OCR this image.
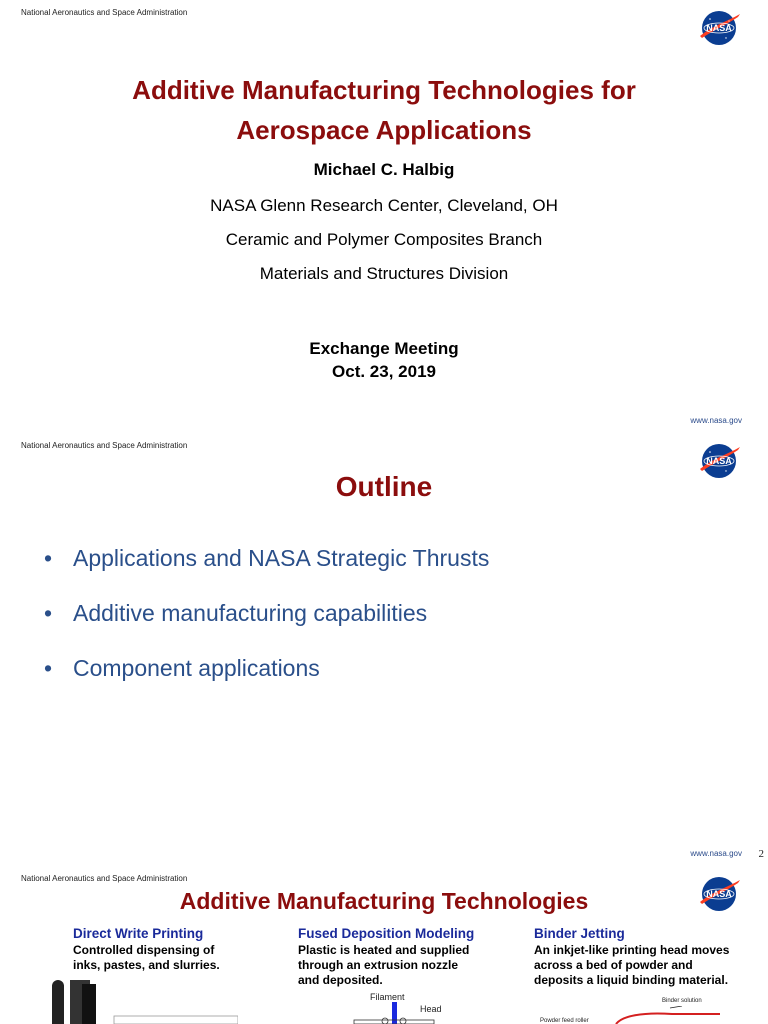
National Aeronautics and Space Administration
NASA
Additive Manufacturing Technologies for
Aerospace Applications
Michael C. Halbig
NASA Glenn Research Center, Cleveland, OH
Ceramic and Polymer Composites Branch
Materials and Structures Division
Exchange Meeting
Oct. 23, 2019
www.nasa.gov
National Aeronautics and Space Administration
NASA
Outline
• Applications and NASA Strategic Thrusts
• Additive manufacturing capabilities
• Component applications
www.nasa.gov 2
National Aeronautics and Space Administration
NASA
Additive Manufacturing Technologies
Direct Write Printing
Controlled dispensing of
inks, pastes, and slurries.
Fused Deposition Modeling
Plastic is heated and supplied
through an extrusion nozzle
and deposited.
Binder Jetting
An inkjet-like printing head moves
across a bed of powder and
deposits a liquid binding material.
Filament
Head
Binder solution
Powder feed roller
